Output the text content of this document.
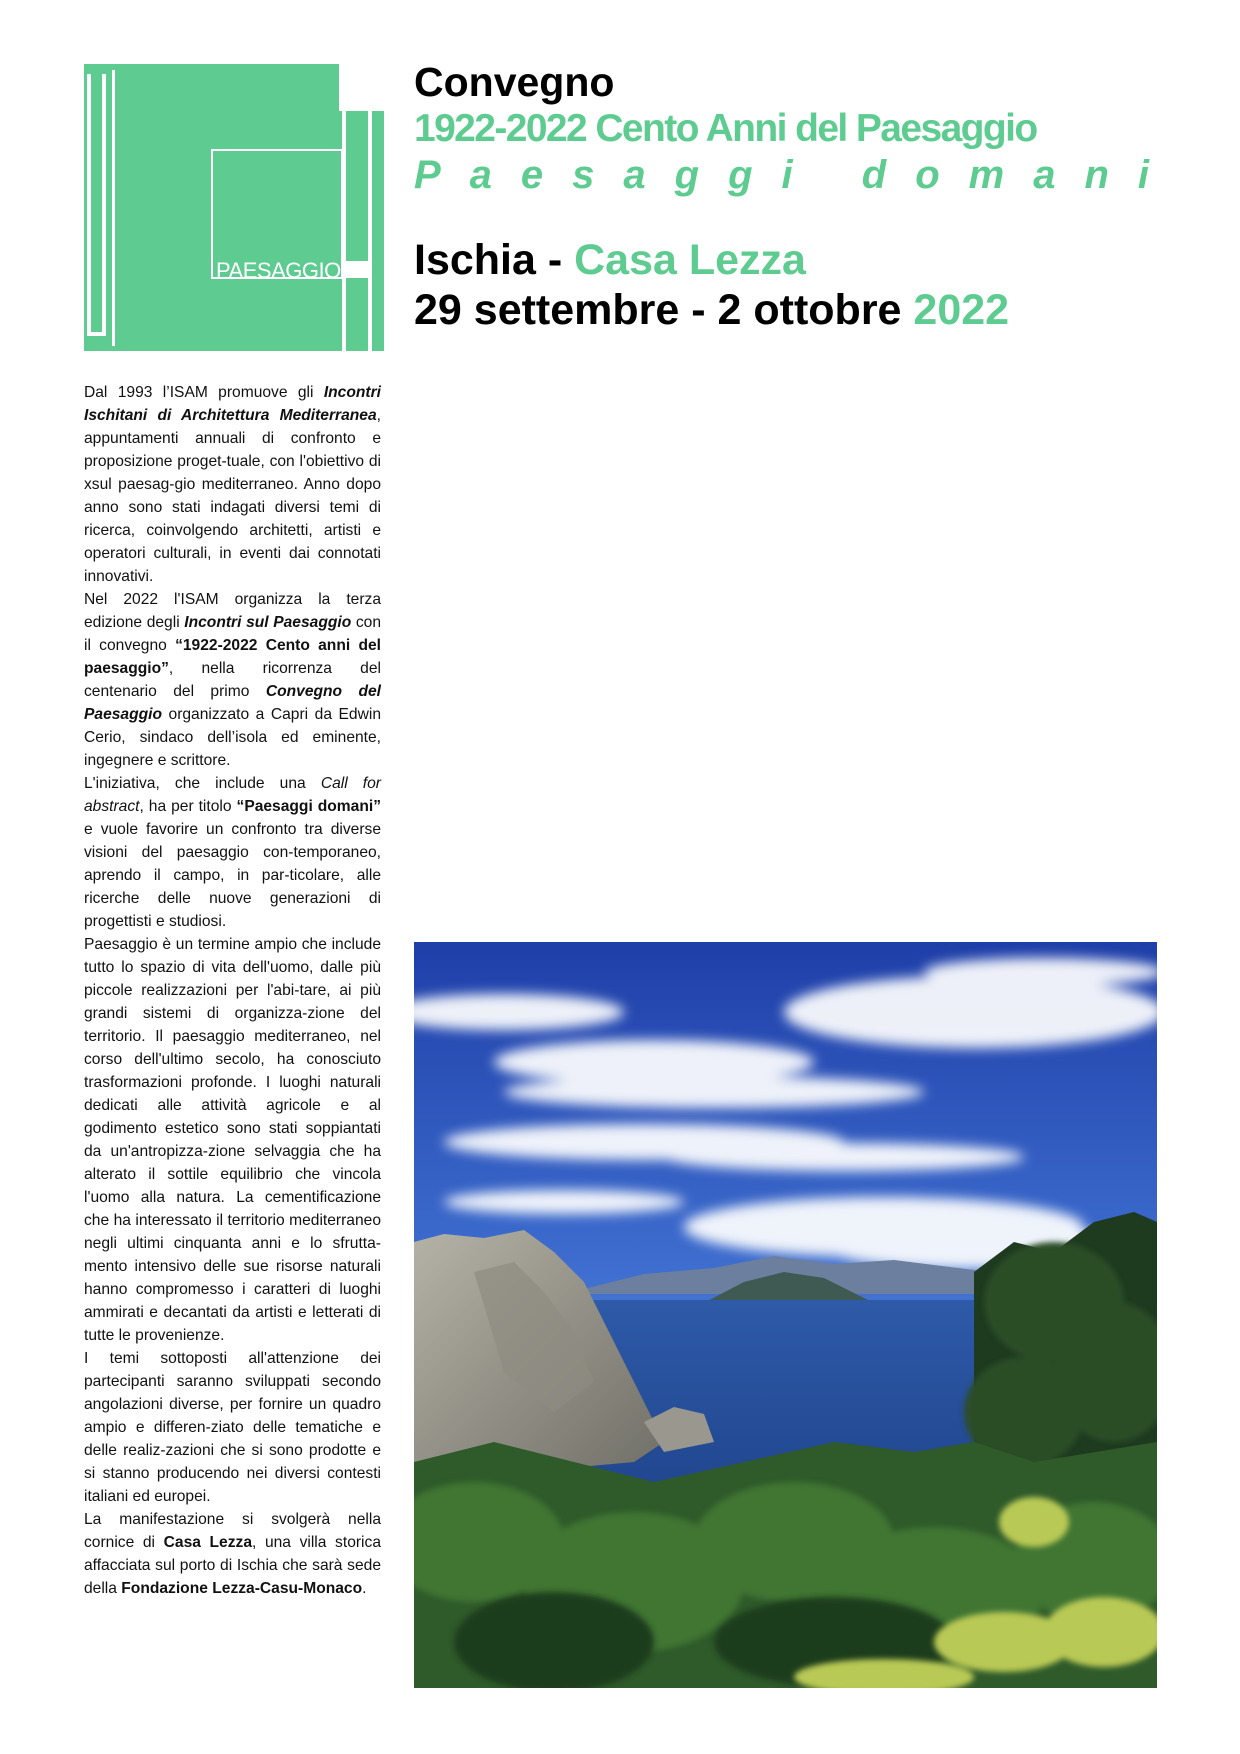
PAESAGGIO
2
2
Convegno
1922-2022 Cento Anni del Paesaggio
Paesaggi domani
Ischia - Casa Lezza
29 settembre - 2 ottobre 2022

Dal 1993 l’ISAM promuove gli Incontri Ischitani di Architettura Mediterranea, appuntamenti annuali di confronto e proposizione proget-tuale, con l'obiettivo di xsul paesag-gio mediterraneo. Anno dopo anno sono stati indagati diversi temi di ricerca, coinvolgendo architetti, artisti e operatori culturali, in eventi dai connotati innovativi.

Nel 2022 l'ISAM organizza la terza edizione degli Incontri sul Paesaggio con il convegno “1922-2022 Cento anni del paesaggio”, nella ricorrenza del centenario del primo Convegno del Paesaggio organizzato a Capri da Edwin Cerio, sindaco dell’isola ed eminente, ingegnere e scrittore.

L'iniziativa, che include una Call for abstract, ha per titolo “Paesaggi domani” e vuole favorire un confronto tra diverse visioni del paesaggio con-temporaneo, aprendo il campo, in par-ticolare, alle ricerche delle nuove generazioni di progettisti e studiosi.

Paesaggio è un termine ampio che include tutto lo spazio di vita dell'uomo, dalle più piccole realizzazioni per l'abi-tare, ai più grandi sistemi di organizza-zione del territorio. Il paesaggio mediterraneo, nel corso dell'ultimo secolo, ha conosciuto trasformazioni profonde. I luoghi naturali dedicati alle attività agricole e al godimento estetico sono stati soppiantati da un'antropizza-zione selvaggia che ha alterato il sottile equilibrio che vincola l'uomo alla natura. La cementificazione che ha interessato il territorio mediterraneo negli ultimi cinquanta anni e lo sfrutta-mento intensivo delle sue risorse naturali hanno compromesso i caratteri di luoghi ammirati e decantati da artisti e letterati di tutte le provenienze.

I temi sottoposti all'attenzione dei partecipanti saranno sviluppati secondo angolazioni diverse, per fornire un quadro ampio e differen-ziato delle tematiche e delle realiz-zazioni che si sono prodotte e si stanno producendo nei diversi contesti italiani ed europei.

La manifestazione si svolgerà nella cornice di Casa Lezza, una villa storica affacciata sul porto di Ischia che sarà sede della Fondazione Lezza-Casu-Monaco.
